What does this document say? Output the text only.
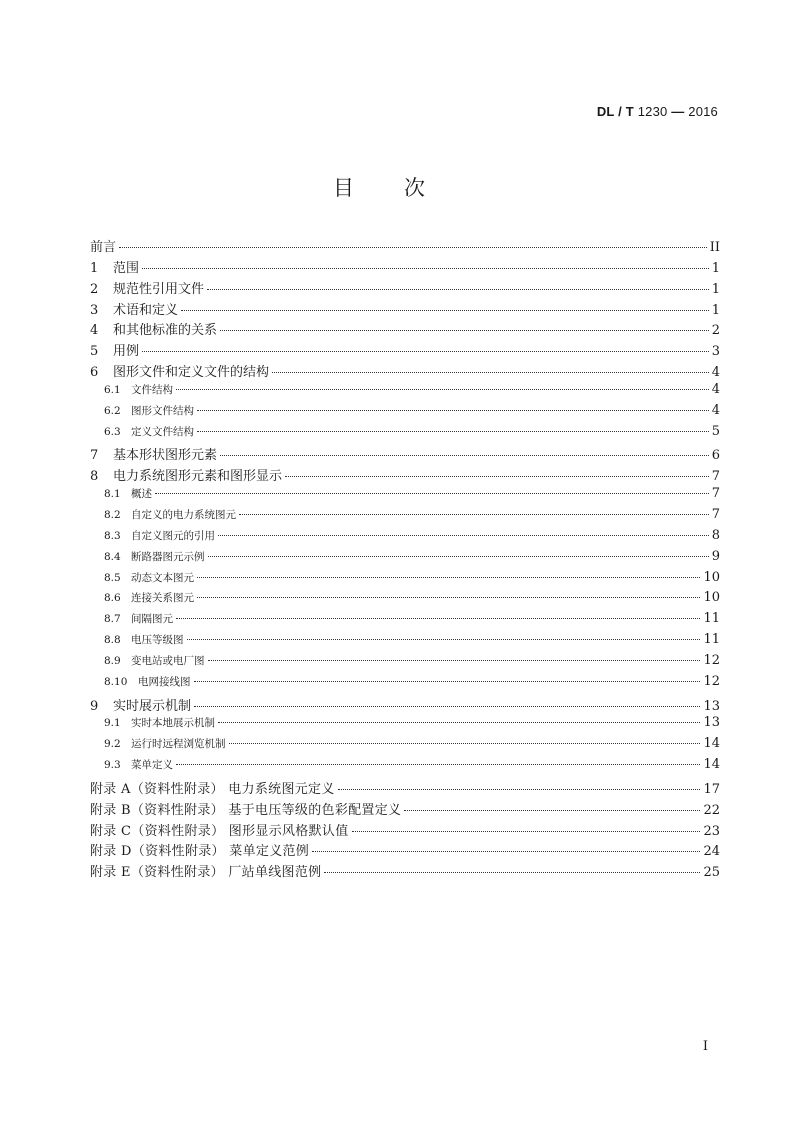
DL / T 1230 — 2016
目次
前言	II
1	范围	1
2	规范性引用文件	1
3	术语和定义	1
4	和其他标准的关系	2
5	用例	3
6	图形文件和定义文件的结构	4
6.1 文件结构	4
6.2 图形文件结构	4
6.3 定义文件结构	5
7	基本形状图形元素	6
8	电力系统图形元素和图形显示	7
8.1 概述	7
8.2 自定义的电力系统图元	7
8.3 自定义图元的引用	8
8.4 断路器图元示例	9
8.5 动态文本图元	10
8.6 连接关系图元	10
8.7 间隔图元	11
8.8 电压等级图	11
8.9 变电站或电厂图	12
8.10	电网接线图	12
9	实时展示机制	13
9.1 实时本地展示机制	13
9.2 运行时远程浏览机制	14
9.3 菜单定义	14
附录 A（资料性附录） 电力系统图元定义	17
附录 B（资料性附录） 基于电压等级的色彩配置定义	22
附录 C（资料性附录） 图形显示风格默认值	23
附录 D（资料性附录） 菜单定义范例	24
附录 E（资料性附录） 厂站单线图范例	25
I
